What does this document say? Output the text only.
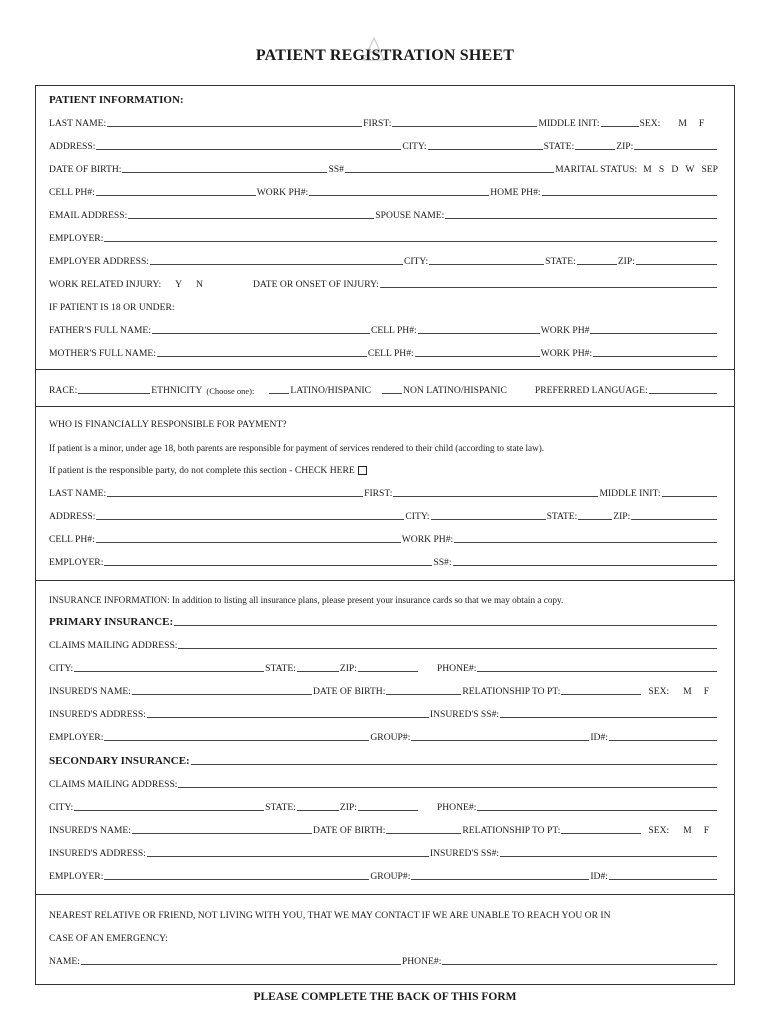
PATIENT REGISTRATION SHEET
PATIENT INFORMATION:
LAST NAME:	FIRST:	MIDDLE INIT:	SEX: M F
ADDRESS:	CITY:	STATE:	ZIP:
DATE OF BIRTH:	SS#	MARITAL STATUS: M   S   D   W   SEP
CELL PH#:	WORK PH#:	HOME PH#:
EMAIL ADDRESS:	SPOUSE NAME:
EMPLOYER:
EMPLOYER ADDRESS:	CITY:	STATE:	ZIP:
WORK RELATED INJURY: Y N	DATE OR ONSET OF INJURY:
IF PATIENT IS 18 OR UNDER:
FATHER'S FULL NAME:	CELL PH#:	WORK PH#
MOTHER'S FULL NAME:	CELL PH#:	WORK PH#:
RACE:	ETHNICITY (Choose one):	LATINO/HISPANIC	NON LATINO/HISPANIC	PREFERRED LANGUAGE:
WHO IS FINANCIALLY RESPONSIBLE FOR PAYMENT?
If patient is a minor, under age 18, both parents are responsible for payment of services rendered to their child (according to state law).
If patient is the responsible party, do not complete this section - CHECK HERE
LAST NAME:	FIRST:	MIDDLE INIT:
ADDRESS:	CITY:	STATE:	ZIP:
CELL PH#:	WORK PH#:
EMPLOYER:	SS#:
INSURANCE INFORMATION: In addition to listing all insurance plans, please present your insurance cards so that we may obtain a copy.
PRIMARY INSURANCE:
CLAIMS MAILING ADDRESS:
CITY:	STATE:	ZIP:	PHONE#:
INSURED'S NAME:	DATE OF BIRTH:	RELATIONSHIP TO PT:	SEX: M F
INSURED'S ADDRESS:	INSURED'S SS#:
EMPLOYER:	GROUP#:	ID#:
SECONDARY INSURANCE:
CLAIMS MAILING ADDRESS:
CITY:	STATE:	ZIP:	PHONE#:
INSURED'S NAME:	DATE OF BIRTH:	RELATIONSHIP TO PT:	SEX: M F
INSURED'S ADDRESS:	INSURED'S SS#:
EMPLOYER:	GROUP#:	ID#:
NEAREST RELATIVE OR FRIEND, NOT LIVING WITH YOU, THAT WE MAY CONTACT IF WE ARE UNABLE TO REACH YOU OR IN
CASE OF AN EMERGENCY:
NAME:	PHONE#:
PLEASE COMPLETE THE BACK OF THIS FORM
